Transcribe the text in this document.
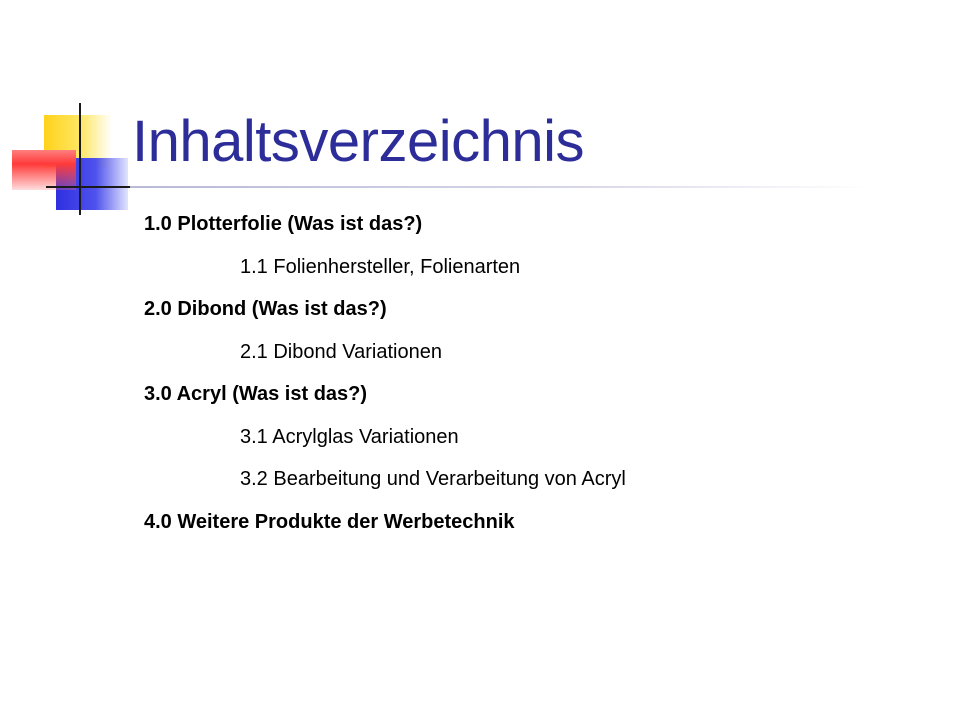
Inhaltsverzeichnis
1.0 Plotterfolie (Was ist das?)
1.1 Folienhersteller, Folienarten
2.0 Dibond (Was ist das?)
2.1 Dibond Variationen
3.0 Acryl (Was ist das?)
3.1 Acrylglas Variationen
3.2 Bearbeitung und Verarbeitung von Acryl
4.0 Weitere Produkte der Werbetechnik
